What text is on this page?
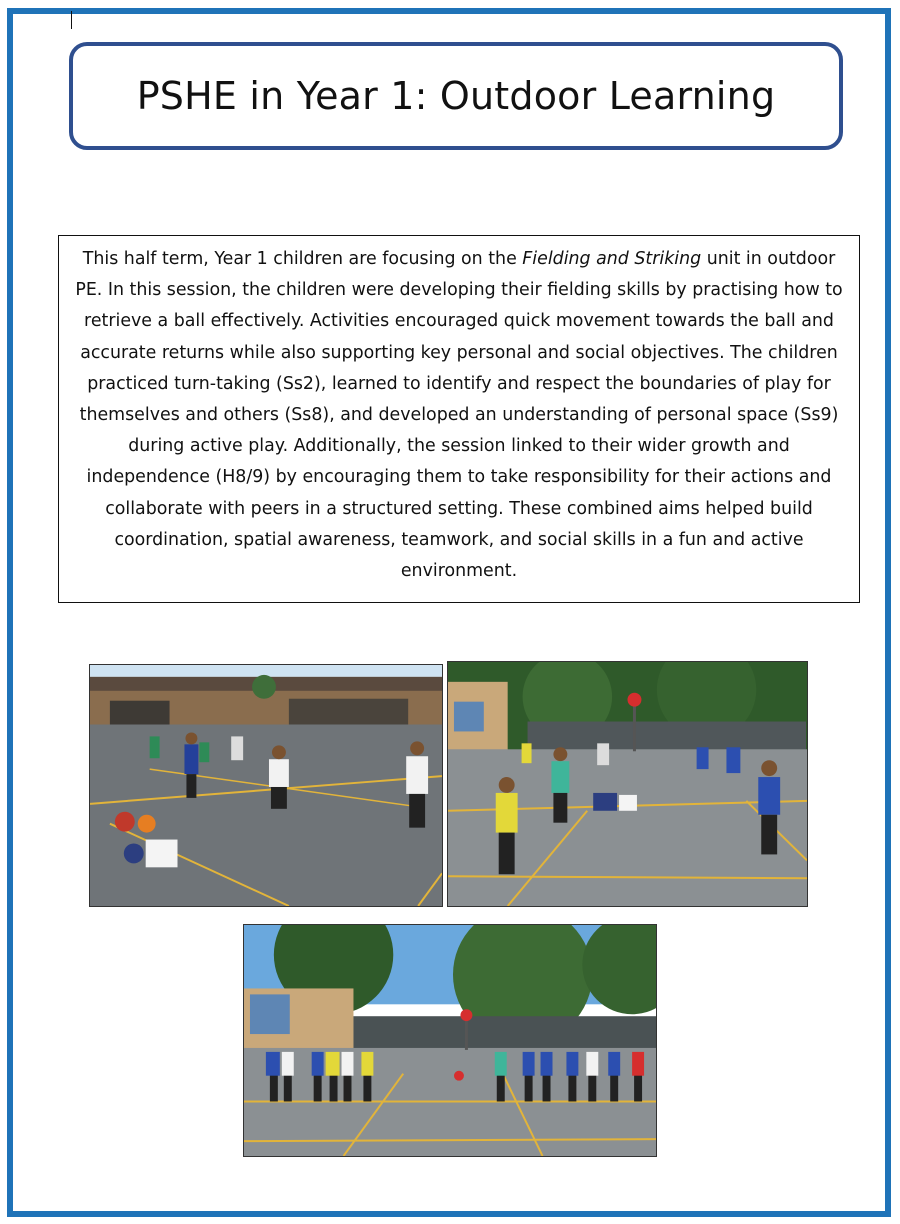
PSHE in Year 1: Outdoor Learning

This half term, Year 1 children are focusing on the Fielding and Striking unit in outdoor PE. In this session, the children were developing their fielding skills by practising how to retrieve a ball effectively. Activities encouraged quick movement towards the ball and accurate returns while also supporting key personal and social objectives. The children practiced turn-taking (Ss2), learned to identify and respect the boundaries of play for themselves and others (Ss8), and developed an understanding of personal space (Ss9) during active play. Additionally, the session linked to their wider growth and independence (H8/9) by encouraging them to take responsibility for their actions and collaborate with peers in a structured setting. These combined aims helped build coordination, spatial awareness, teamwork, and social skills in a fun and active environment.
